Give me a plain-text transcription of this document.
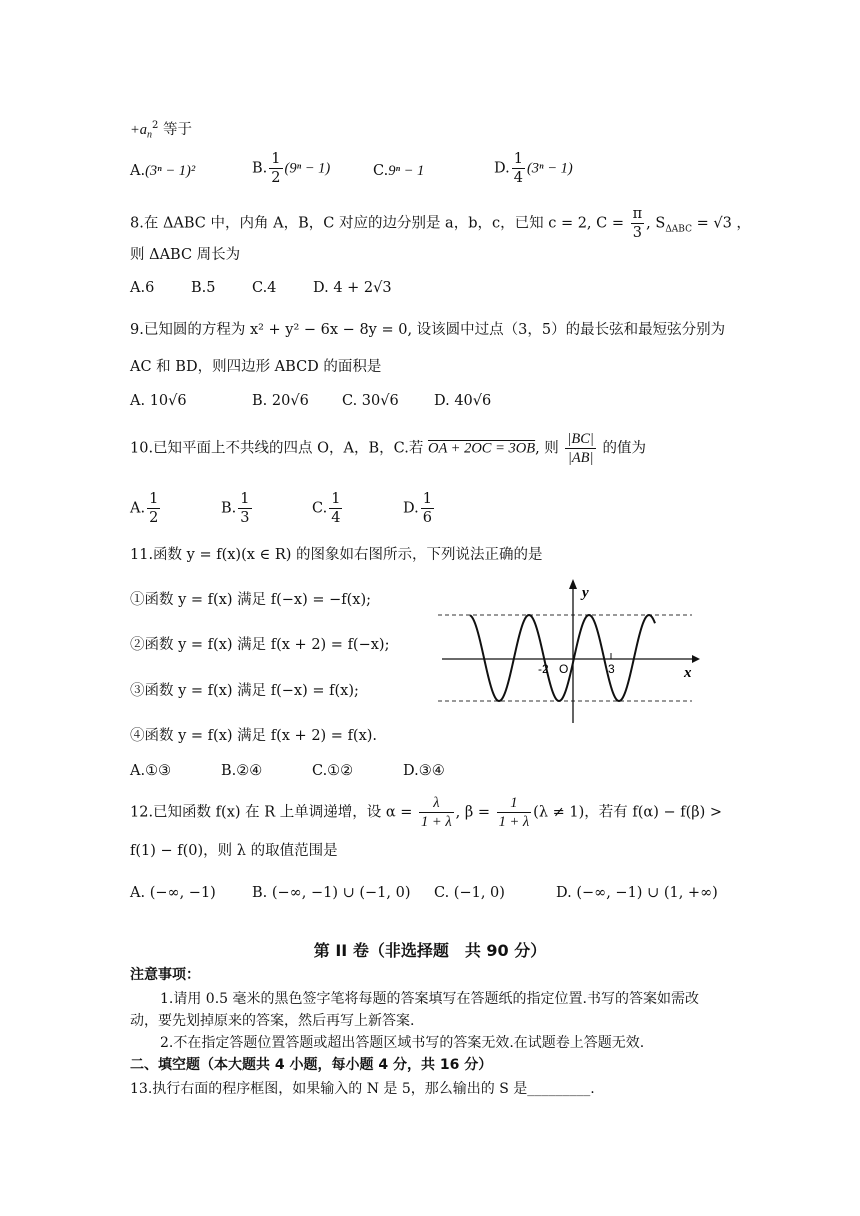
$+a_n^2$ 等于
A.(3ⁿ − 1)²	B. $\frac{1}{2} (9^n - 1)$	C.9ⁿ − 1	D. $\frac{1}{4} (3^n - 1)$
8.在 ΔABC 中，内角 A，B，C 对应的边分别是 a，b，c，已知 c = 2, $C = \frac{\pi}{3}$ , $S_{\Delta ABC} = √3$ ，
则 ΔABC 周长为
A.6	B.5	C.4	D. 4 + 2√3
9.已知圆的方程为 x² + y² − 6x − 8y = 0, 设该圆中过点（3，5）的最长弦和最短弦分别为
AC 和 BD，则四边形 ABCD 的面积是
A. 10√6	B. 20√6 C. 30√6 D. 40√6
10.已知平面上不共线的四点 O，A，B，C.若 OA + 2OC = 3OB, 则 $\frac{|BC|}{|AB|}$ 的值为
A. $\frac{1}{2}$	B. $\frac{1}{3}$	C. $\frac{1}{4}$	D. $\frac{1}{6}$
11.函数 y = f(x)(x ∈ R) 的图象如右图所示，下列说法正确的是
①函数 y = f(x) 满足 f(−x) = −f(x);
②函数 y = f(x) 满足 f(x + 2) = f(−x);
③函数 y = f(x) 满足 f(−x) = f(x);
④函数 y = f(x) 满足 f(x + 2) = f(x).
A.①③	B.②④	C.①②	D.③④
y
x
-2 O	3
12.已知函数 f(x) 在 R 上单调递增，设 $\alpha = \frac{\lambda}{1 + \lambda}$ , $\beta = \frac{1}{1 + \lambda} (\lambda \ne 1)$，若有 f(α) − f(β) >
f(1) − f(0)，则 λ 的取值范围是
A. (−∞, −1) B. (−∞, −1) ∪ (−1, 0) C. (−1, 0)	D. (−∞, −1) ∪ (1, +∞)
第 II 卷（非选择题　共 90 分）
注意事项：
1.请用 0.5 毫米的黑色签字笔将每题的答案填写在答题纸的指定位置.书写的答案如需改
动，要先划掉原来的答案，然后再写上新答案.
2.不在指定答题位置答题或超出答题区域书写的答案无效.在试题卷上答题无效.
二、填空题（本大题共 4 小题，每小题 4 分，共 16 分）
13.执行右面的程序框图，如果输入的 N 是 5，那么输出的 S 是_________.
